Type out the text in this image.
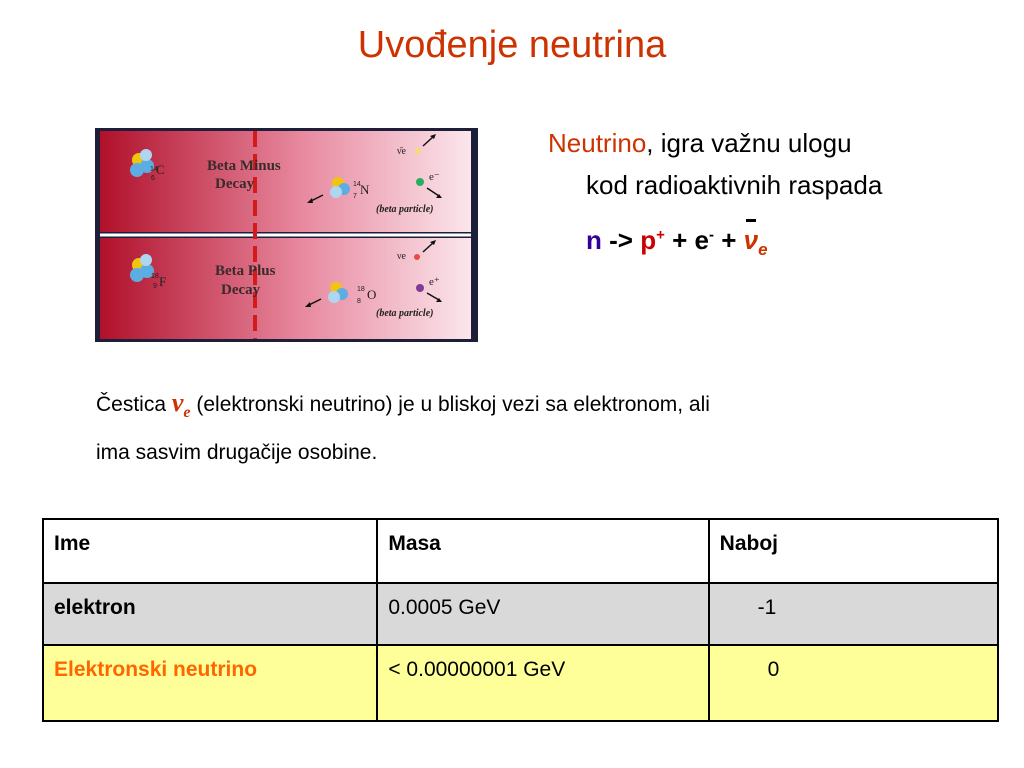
Uvođenje neutrina
C
14
6
Beta Minus
Decay	N
14
7
ν̄e
e⁻
(beta particle)
F
18
9
Beta Plus
Decay	O
18
8
νe
e⁺
(beta particle)
Neutrino, igra važnu ulogu
kod radioaktivnih raspada
$n -> p^+ + e^- + \nu_e$
Čestica $\nu_e$ (elektronski neutrino) je u bliskoj vezi sa elektronom, ali
ima sasvim drugačije osobine.
Ime	Masa	Naboj
elektron	0.0005 GeV	-1
Elektronski neutrino	< 0.00000001 GeV	0
